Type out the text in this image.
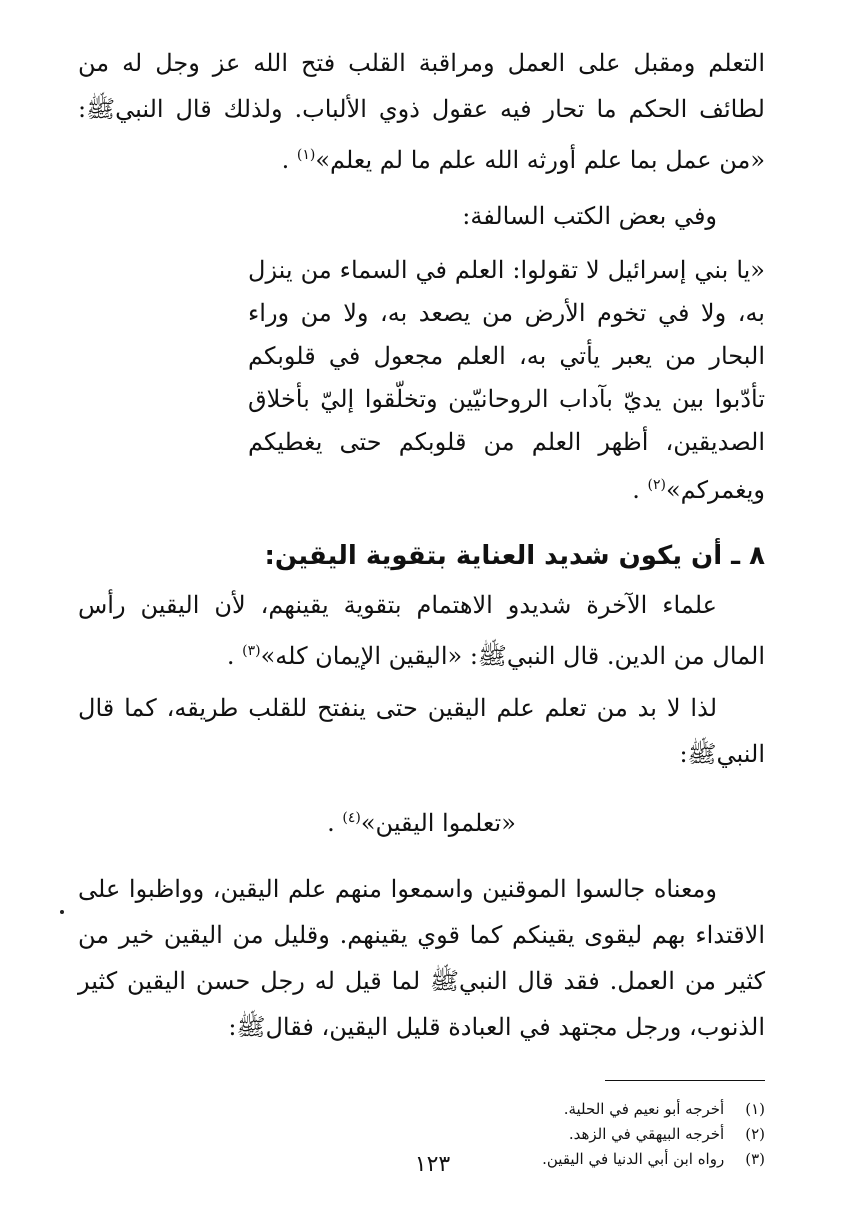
التعلم ومقبل على العمل ومراقبة القلب فتح الله عز وجل له من لطائف الحكم ما تحار فيه عقول ذوي الألباب. ولذلك قال النبيﷺ: «من عمل بما علم أورثه الله علم ما لم يعلم»$^{(١)}$ .

وفي بعض الكتب السالفة:

«يا بني إسرائيل لا تقولوا: العلم في السماء من ينزل به، ولا في تخوم الأرض من يصعد به، ولا من وراء البحار من يعبر يأتي به، العلم مجعول في قلوبكم تأدّبوا بين يديّ بآداب الروحانيّين وتخلّقوا إليّ بأخلاق الصديقين، أظهر العلم من قلوبكم حتى يغطيكم ويغمركم»$^{(٢)}$ .

٨ ـ أن يكون شديد العناية بتقوية اليقين:

علماء الآخرة شديدو الاهتمام بتقوية يقينهم، لأن اليقين رأس المال من الدين. قال النبيﷺ: «اليقين الإيمان كله»$^{(٣)}$ .

لذا لا بد من تعلم علم اليقين حتى ينفتح للقلب طريقه، كما قال النبيﷺ:

«تعلموا اليقين»$^{(٤)}$ .

ومعناه جالسوا الموقنين واسمعوا منهم علم اليقين، وواظبوا على الاقتداء بهم ليقوى يقينكم كما قوي يقينهم. وقليل من اليقين خير من كثير من العمل. فقد قال النبيﷺ لما قيل له رجل حسن اليقين كثير الذنوب، ورجل مجتهد في العبادة قليل اليقين، فقالﷺ:

(١) أخرجه أبو نعيم في الحلية.
(٢) أخرجه البيهقي في الزهد.
(٣) رواه ابن أبي الدنيا في اليقين.
١٢٣
